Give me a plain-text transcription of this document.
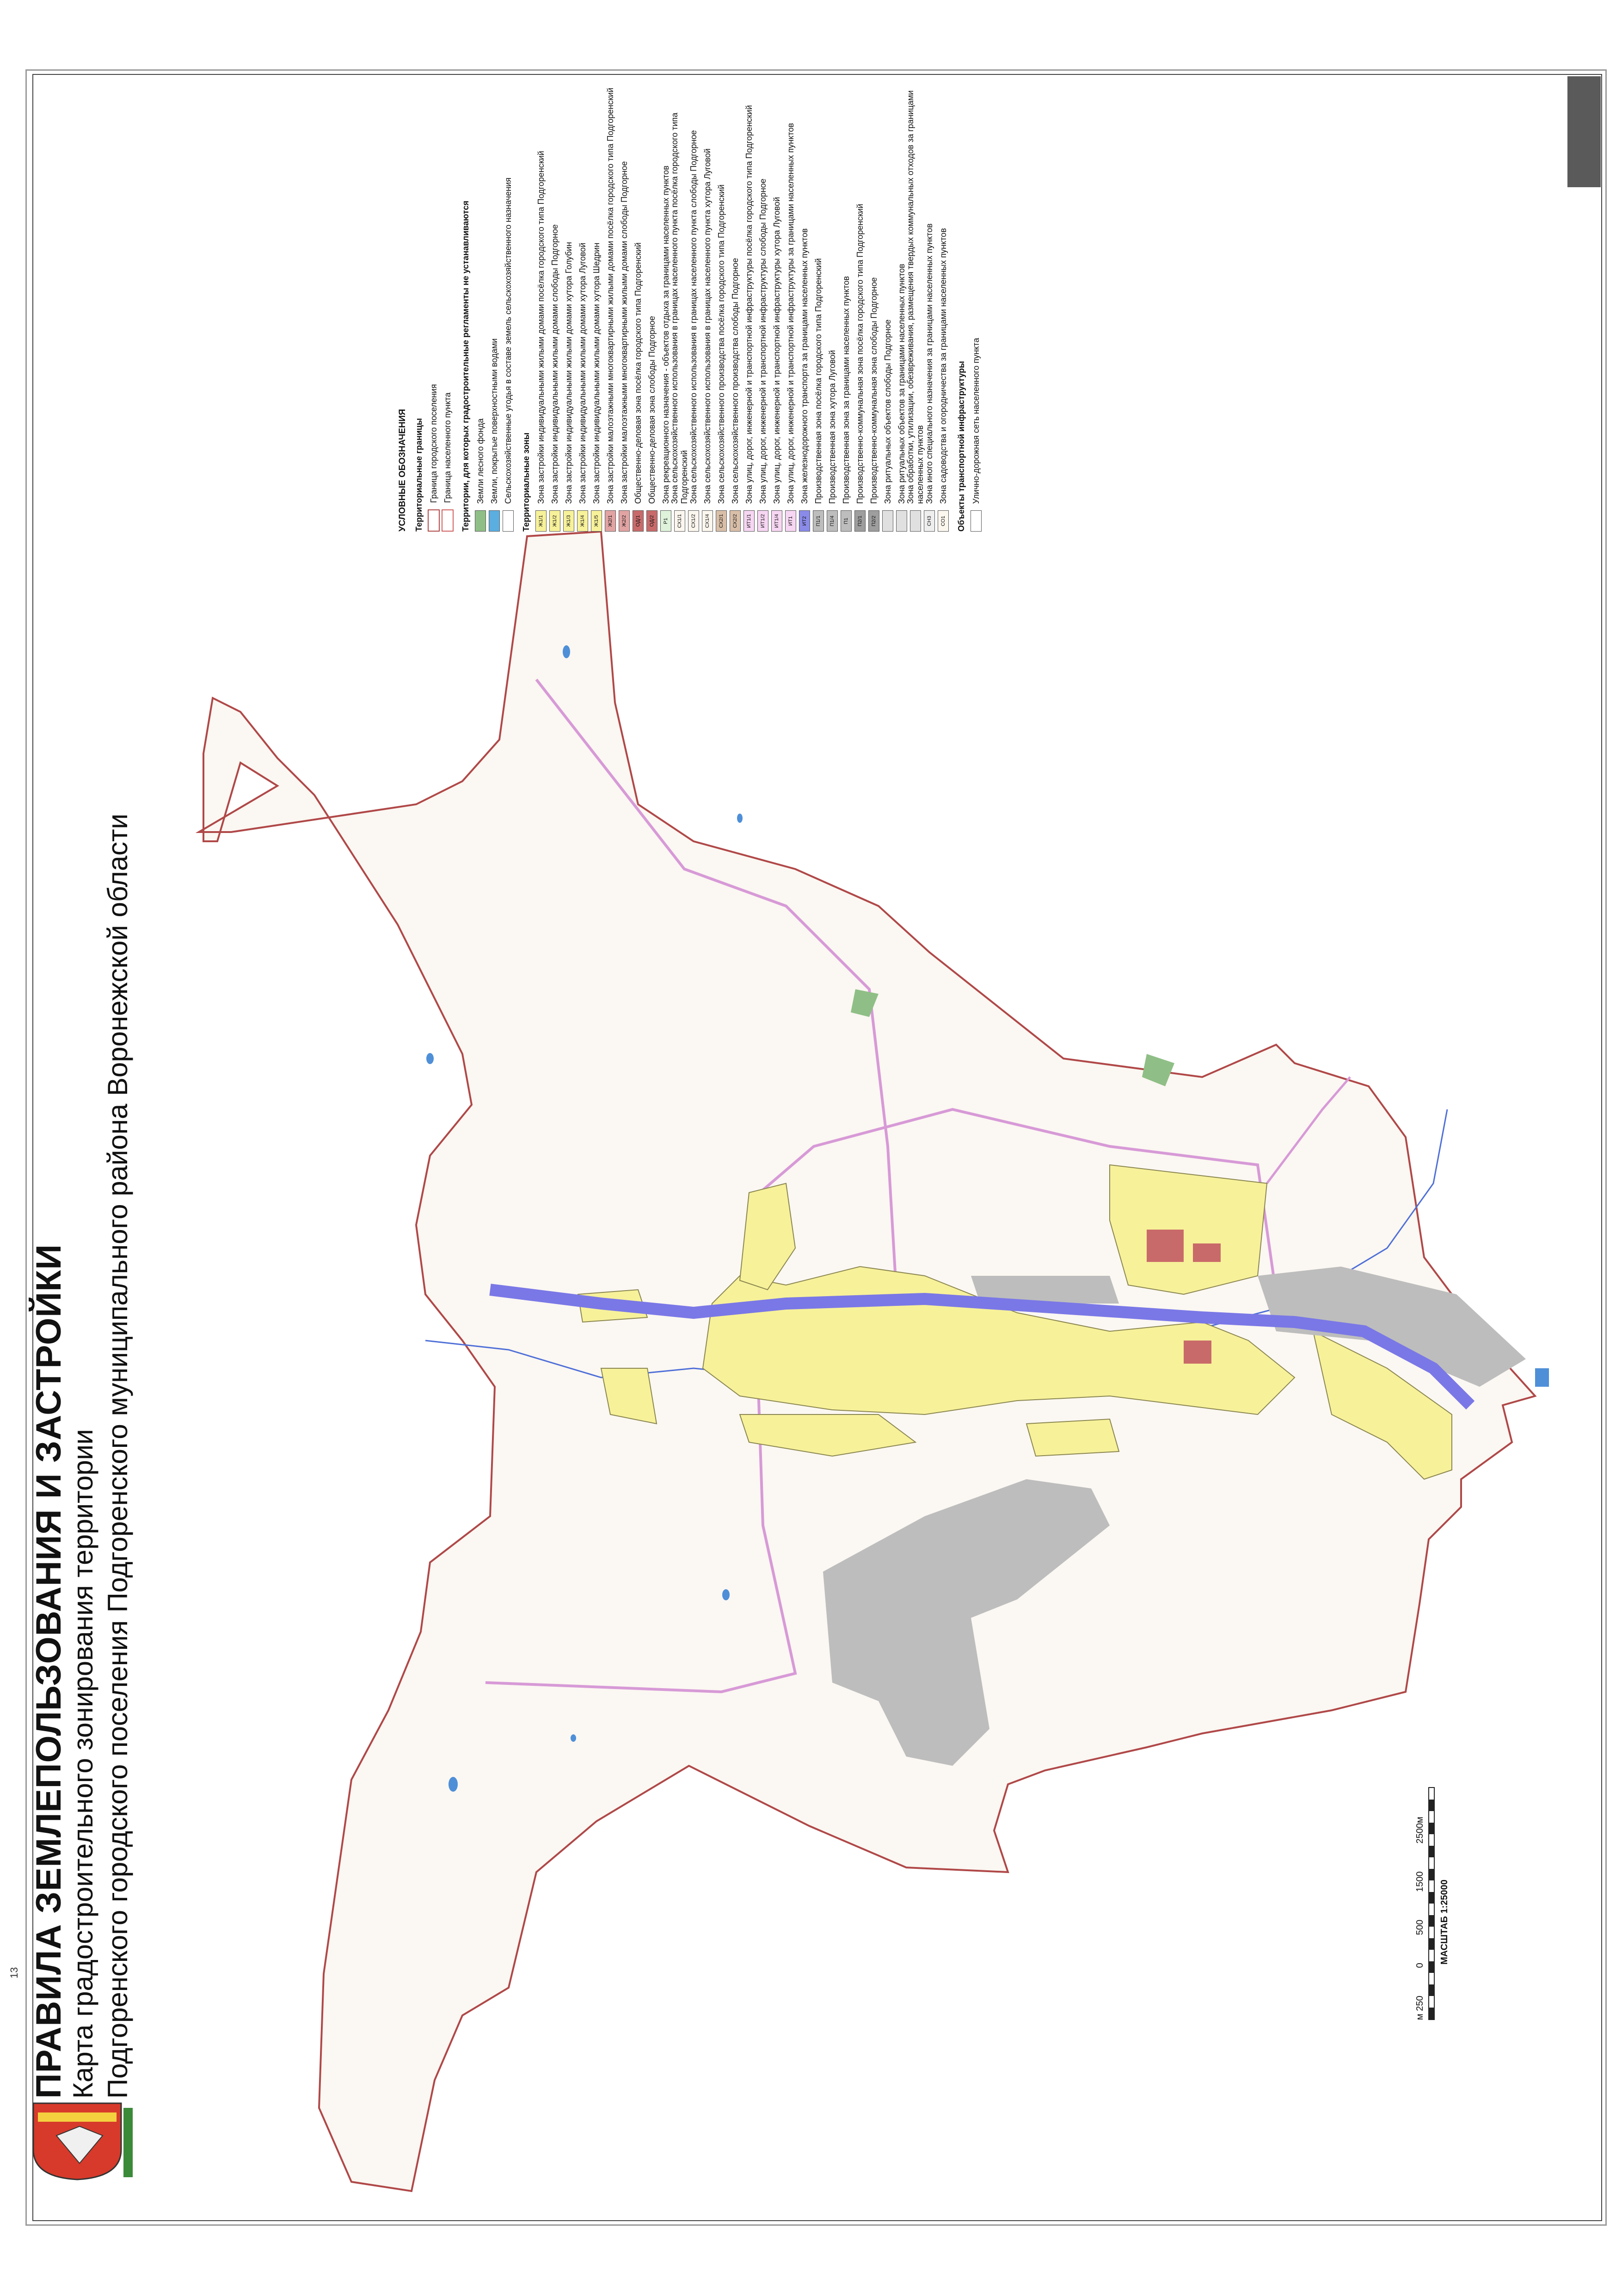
13 ПРАВИЛА ЗЕМЛЕПОЛЬЗОВАНИЯ И ЗАСТРОЙКИ
Карта градостроительного зонирования территории Подгоренского городского поселения Подгоренского муниципального района Воронежской области
УСЛОВНЫЕ ОБОЗНАЧЕНИЯ Территориальные границы Граница городского поселения Граница населенного пункта Территории, для которых градостроительные регламенты не устанавливаются Земли лесного фонда Земли, покрытые поверхностными водами Сельскохозяйственные угодья в составе земель сельскохозяйственного назначения Территориальные зоны	Ж1/1
Зона застройки индивидуальными жилыми домами посёлка городского типа Подгоренский
Ж1/2
Зона застройки индивидуальными жилыми домами слободы Подгорное
Ж1/3
Зона застройки индивидуальными жилыми домами хутора Голубин
Ж1/4
Зона застройки индивидуальными жилыми домами хутора Луговой
Ж1/5
Зона застройки индивидуальными жилыми домами хутора Шедрин
Ж2/1
Зона застройки малоэтажными многоквартирными жилыми домами посёлка городского типа Подгоренский
Ж2/2
Зона застройки малоэтажными многоквартирными жилыми домами слободы Подгорное
ОД/1
Общественно-деловая зона посёлка городского типа Подгоренский
ОД/2
Общественно-деловая зона слободы Подгорное
Р1
Зона рекреационного назначения - объектов отдыха за границами населенных пунктов
СХ1/1
Зона сельскохозяйственного использования в границах населенного пункта посёлка городского типа Подгоренский
СХ1/2
Зона сельскохозяйственного использования в границах населенного пункта слободы Подгорное
СХ1/4
Зона сельскохозяйственного использования в границах населенного пункта хутора Луговой
СХ2/1
Зона сельскохозяйственного производства посёлка городского типа Подгоренский
СХ2/2
Зона сельскохозяйственного производства слободы Подгорное
ИТ1/1
Зона улиц, дорог, инженерной и транспортной инфраструктуры посёлка городского типа Подгоренский
ИТ1/2
Зона улиц, дорог, инженерной и транспортной инфраструктуры слободы Подгорное
ИТ1/4
Зона улиц, дорог, инженерной и транспортной инфраструктуры хутора Луговой
ИТ1
Зона улиц, дорог, инженерной и транспортной инфраструктуры за границами населенных пунктов
ИТ2
Зона железнодорожного транспорта за границами населенных пунктов
П1/1
Производственная зона посёлка городского типа Подгоренский
П1/4
Производственная зона хутора Луговой
П1
Производственная зона за границами населенных пунктов
П2/1
Производственно-коммунальная зона посёлка городского типа Подгоренский
П2/2
Производственно-коммунальная зона слободы Подгорное Зона ритуальных объектов слободы Подгорное Зона ритуальных объектов за границами населенных пунктов Зона обработки, утилизации, обезвреживания, размещения твердых коммунальных отходов за границами населенных пунктов
СН3
Зона иного специального назначения за границами населенных пунктов
СО1
Зона садоводства и огородничества за границами населенных пунктов Объекты транспортной инфраструктуры Улично-дорожная сеть населенного пункта
м 250
0
500
1500
2500м
МАСШТАБ 1:25000
